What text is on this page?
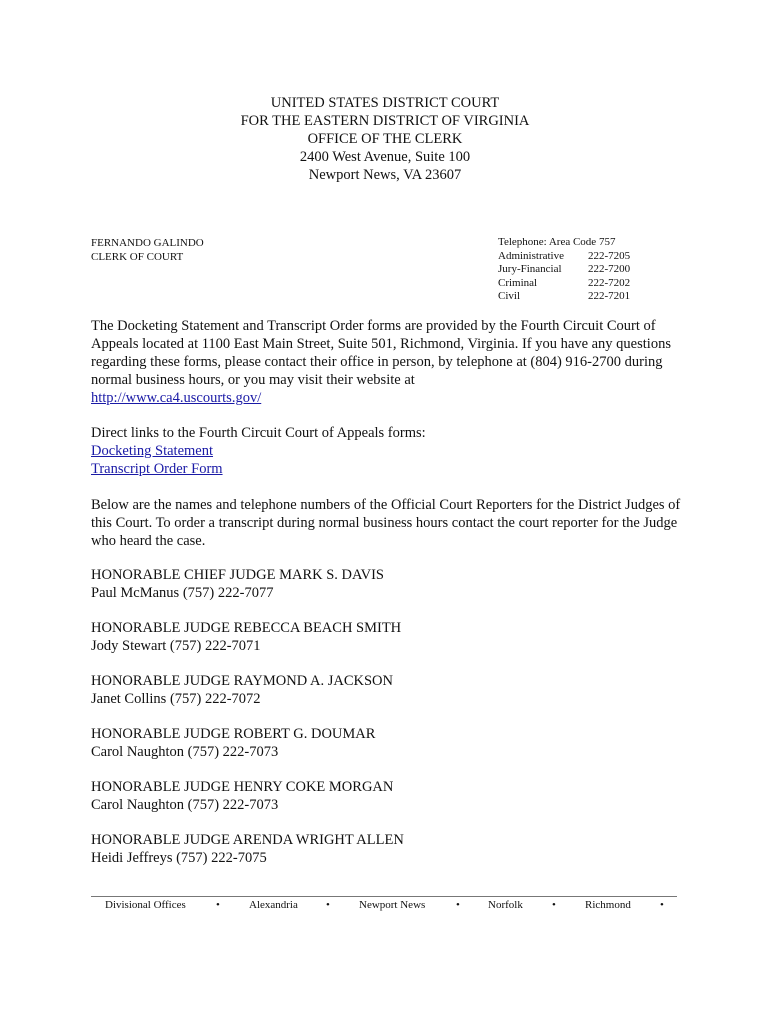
UNITED STATES DISTRICT COURT
FOR THE EASTERN DISTRICT OF VIRGINIA
OFFICE OF THE CLERK
2400 West Avenue, Suite 100
Newport News, VA 23607
FERNANDO GALINDO
CLERK OF COURT
Telephone: Area Code 757
Administrative	222-7205
Jury-Financial	222-7200
Criminal	222-7202
Civil	222-7201
The Docketing Statement and Transcript Order forms are provided by the Fourth Circuit Court of Appeals located at 1100 East Main Street, Suite 501, Richmond, Virginia. If you have any questions regarding these forms, please contact their office in person, by telephone at (804) 916-2700 during normal business hours, or you may visit their website at
http://www.ca4.uscourts.gov/
Direct links to the Fourth Circuit Court of Appeals forms:
Docketing Statement
Transcript Order Form
Below are the names and telephone numbers of the Official Court Reporters for the District Judges of this Court. To order a transcript during normal business hours contact the court reporter for the Judge who heard the case.
HONORABLE CHIEF JUDGE MARK S. DAVIS
Paul McManus (757) 222-7077
HONORABLE JUDGE REBECCA BEACH SMITH
Jody Stewart (757) 222-7071
HONORABLE JUDGE RAYMOND A. JACKSON
Janet Collins (757) 222-7072
HONORABLE JUDGE ROBERT G. DOUMAR
Carol Naughton (757) 222-7073
HONORABLE JUDGE HENRY COKE MORGAN
Carol Naughton (757) 222-7073
HONORABLE JUDGE ARENDA WRIGHT ALLEN
Heidi Jeffreys (757) 222-7075
Divisional Offices	•	Alexandria	•	Newport News	•	Norfolk	•	Richmond	•
